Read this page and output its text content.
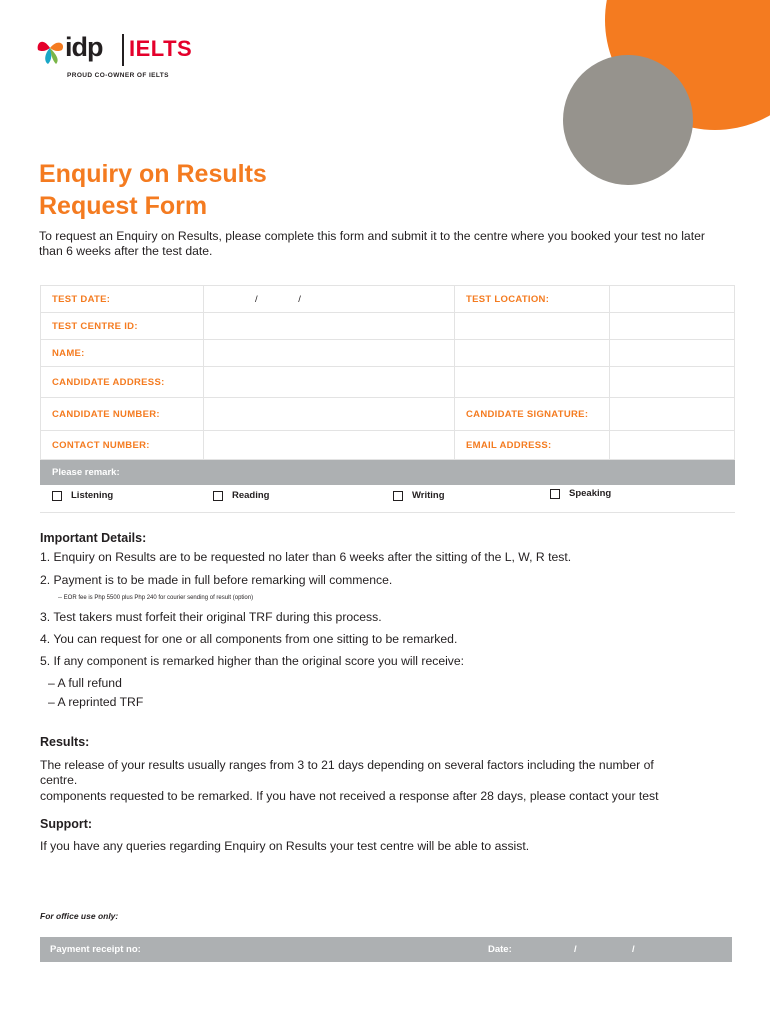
idp IELTS
PROUD CO-OWNER OF IELTS
Enquiry on Results
Request Form
To request an Enquiry on Results, please complete this form and submit it to the centre where you booked your test no later than 6 weeks after the test date.
TEST DATE:	/ /	TEST LOCATION:	
TEST CENTRE ID:			
NAME:			
CANDIDATE ADDRESS:			
CANDIDATE NUMBER:		CANDIDATE SIGNATURE:	
CONTACT NUMBER:		EMAIL ADDRESS:	
Please remark:			
Listening	Reading	Writing	Speaking
Important Details:
1. Enquiry on Results are to be requested no later than 6 weeks after the sitting of the L, W, R test.
2. Payment is to be made in full before remarking will commence.
-- EOR fee is Php 5500 plus Php 240 for courier sending of result (option)
3. Test takers must forfeit their original TRF during this process.
4. You can request for one or all components from one sitting to be remarked.
5. If any component is remarked higher than the original score you will receive:
– A full refund
– A reprinted TRF
Results:
The release of your results usually ranges from 3 to 21 days depending on several factors including the number of
centre.
components requested to be remarked. If you have not received a response after 28 days, please contact your test
Support:
If you have any queries regarding Enquiry on Results your test centre will be able to assist.
For office use only:
Payment receipt no:	Date:	/	/
